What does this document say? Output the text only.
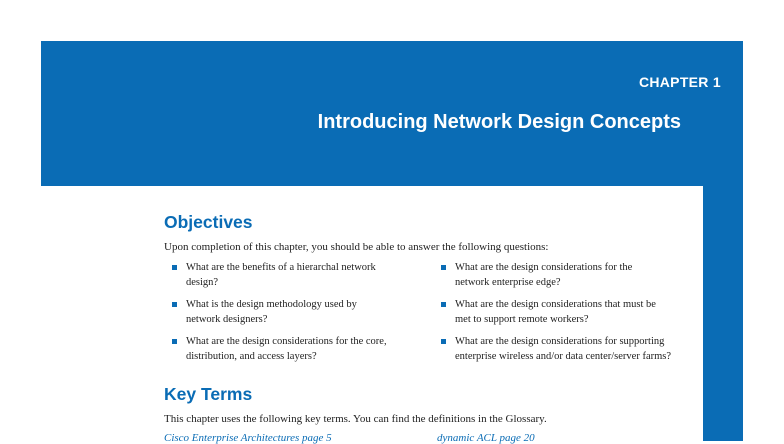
CHAPTER 1

Introducing Network Design Concepts
Objectives

Upon completion of this chapter, you should be able to answer the following questions:

What are the benefits of a hierarchal network
design?
What is the design methodology used by
network designers?
What are the design considerations for the core,
distribution, and access layers?
What are the design considerations for the
network enterprise edge?
What are the design considerations that must be
met to support remote workers?
What are the design considerations for supporting
enterprise wireless and/or data center/server farms?
Key Terms

This chapter uses the following key terms. You can find the definitions in the Glossary.

Cisco Enterprise Architectures page 5	dynamic ACL page 20
